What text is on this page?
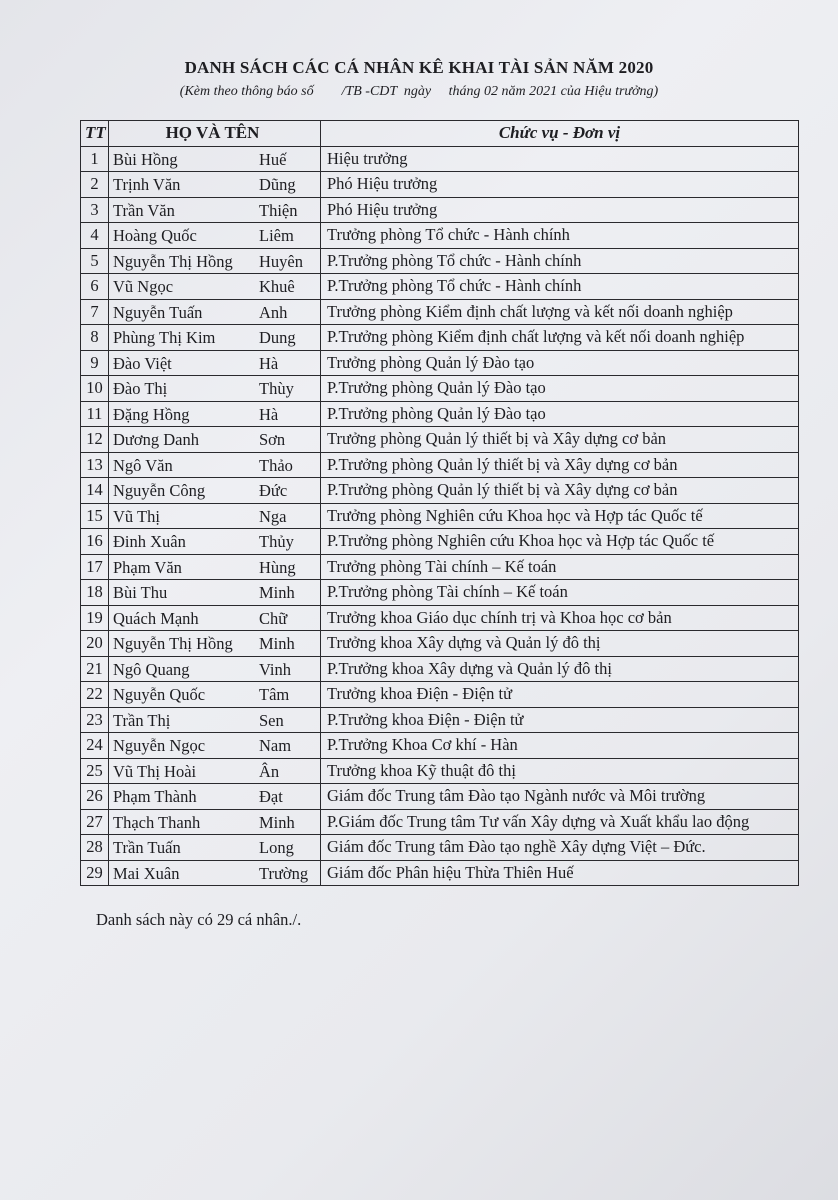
DANH SÁCH CÁC CÁ NHÂN KÊ KHAI TÀI SẢN NĂM 2020
(Kèm theo thông báo số        /TB -CDT  ngày     tháng 02 năm 2021 của Hiệu trưởng)
TT	HỌ VÀ TÊN	Chức vụ - Đơn vị
1	Bùi Hồng Huế	Hiệu trưởng
2	Trịnh Văn Dũng	Phó Hiệu trưởng
3	Trần Văn Thiện	Phó Hiệu trưởng
4	Hoàng Quốc Liêm	Trưởng phòng Tổ chức - Hành chính
5	Nguyễn Thị Hồng Huyên	P.Trưởng phòng Tổ chức - Hành chính
6	Vũ Ngọc Khuê	P.Trưởng phòng Tổ chức - Hành chính
7	Nguyễn Tuấn Anh	Trưởng phòng Kiểm định chất lượng và kết nối doanh nghiệp
8	Phùng Thị Kim Dung	P.Trưởng phòng Kiểm định chất lượng và kết nối doanh nghiệp
9	Đào Việt Hà	Trưởng phòng Quản lý Đào tạo
10	Đào Thị Thùy	P.Trưởng phòng Quản lý Đào tạo
11	Đặng Hồng Hà	P.Trưởng phòng Quản lý Đào tạo
12	Dương Danh Sơn	Trưởng phòng Quản lý thiết bị và Xây dựng cơ bản
13	Ngô Văn Thảo	P.Trưởng phòng Quản lý thiết bị và Xây dựng cơ bản
14	Nguyễn Công Đức	P.Trưởng phòng Quản lý thiết bị và Xây dựng cơ bản
15	Vũ Thị Nga	Trưởng phòng Nghiên cứu Khoa học và Hợp tác Quốc tế
16	Đinh Xuân Thủy	P.Trưởng phòng Nghiên cứu Khoa học và Hợp tác Quốc tế
17	Phạm Văn Hùng	Trưởng phòng Tài chính – Kế toán
18	Bùi Thu Minh	P.Trưởng phòng Tài chính – Kế toán
19	Quách Mạnh Chữ	Trưởng khoa Giáo dục chính trị và Khoa học cơ bản
20	Nguyễn Thị Hồng Minh	Trưởng khoa Xây dựng và Quản lý đô thị
21	Ngô Quang Vinh	P.Trưởng khoa Xây dựng và Quản lý đô thị
22	Nguyễn Quốc Tâm	Trưởng khoa Điện - Điện tử
23	Trần Thị Sen	P.Trưởng khoa Điện - Điện tử
24	Nguyễn Ngọc Nam	P.Trưởng Khoa Cơ khí - Hàn
25	Vũ Thị Hoài Ân	Trưởng khoa Kỹ thuật đô thị
26	Phạm Thành Đạt	Giám đốc Trung tâm Đào tạo Ngành nước và Môi trường
27	Thạch Thanh Minh	P.Giám đốc Trung tâm Tư vấn Xây dựng và Xuất khẩu lao động
28	Trần Tuấn Long	Giám đốc Trung tâm Đào tạo nghề Xây dựng Việt – Đức.
29	Mai Xuân Trường	Giám đốc Phân hiệu Thừa Thiên Huế
Danh sách này có 29 cá nhân./.
